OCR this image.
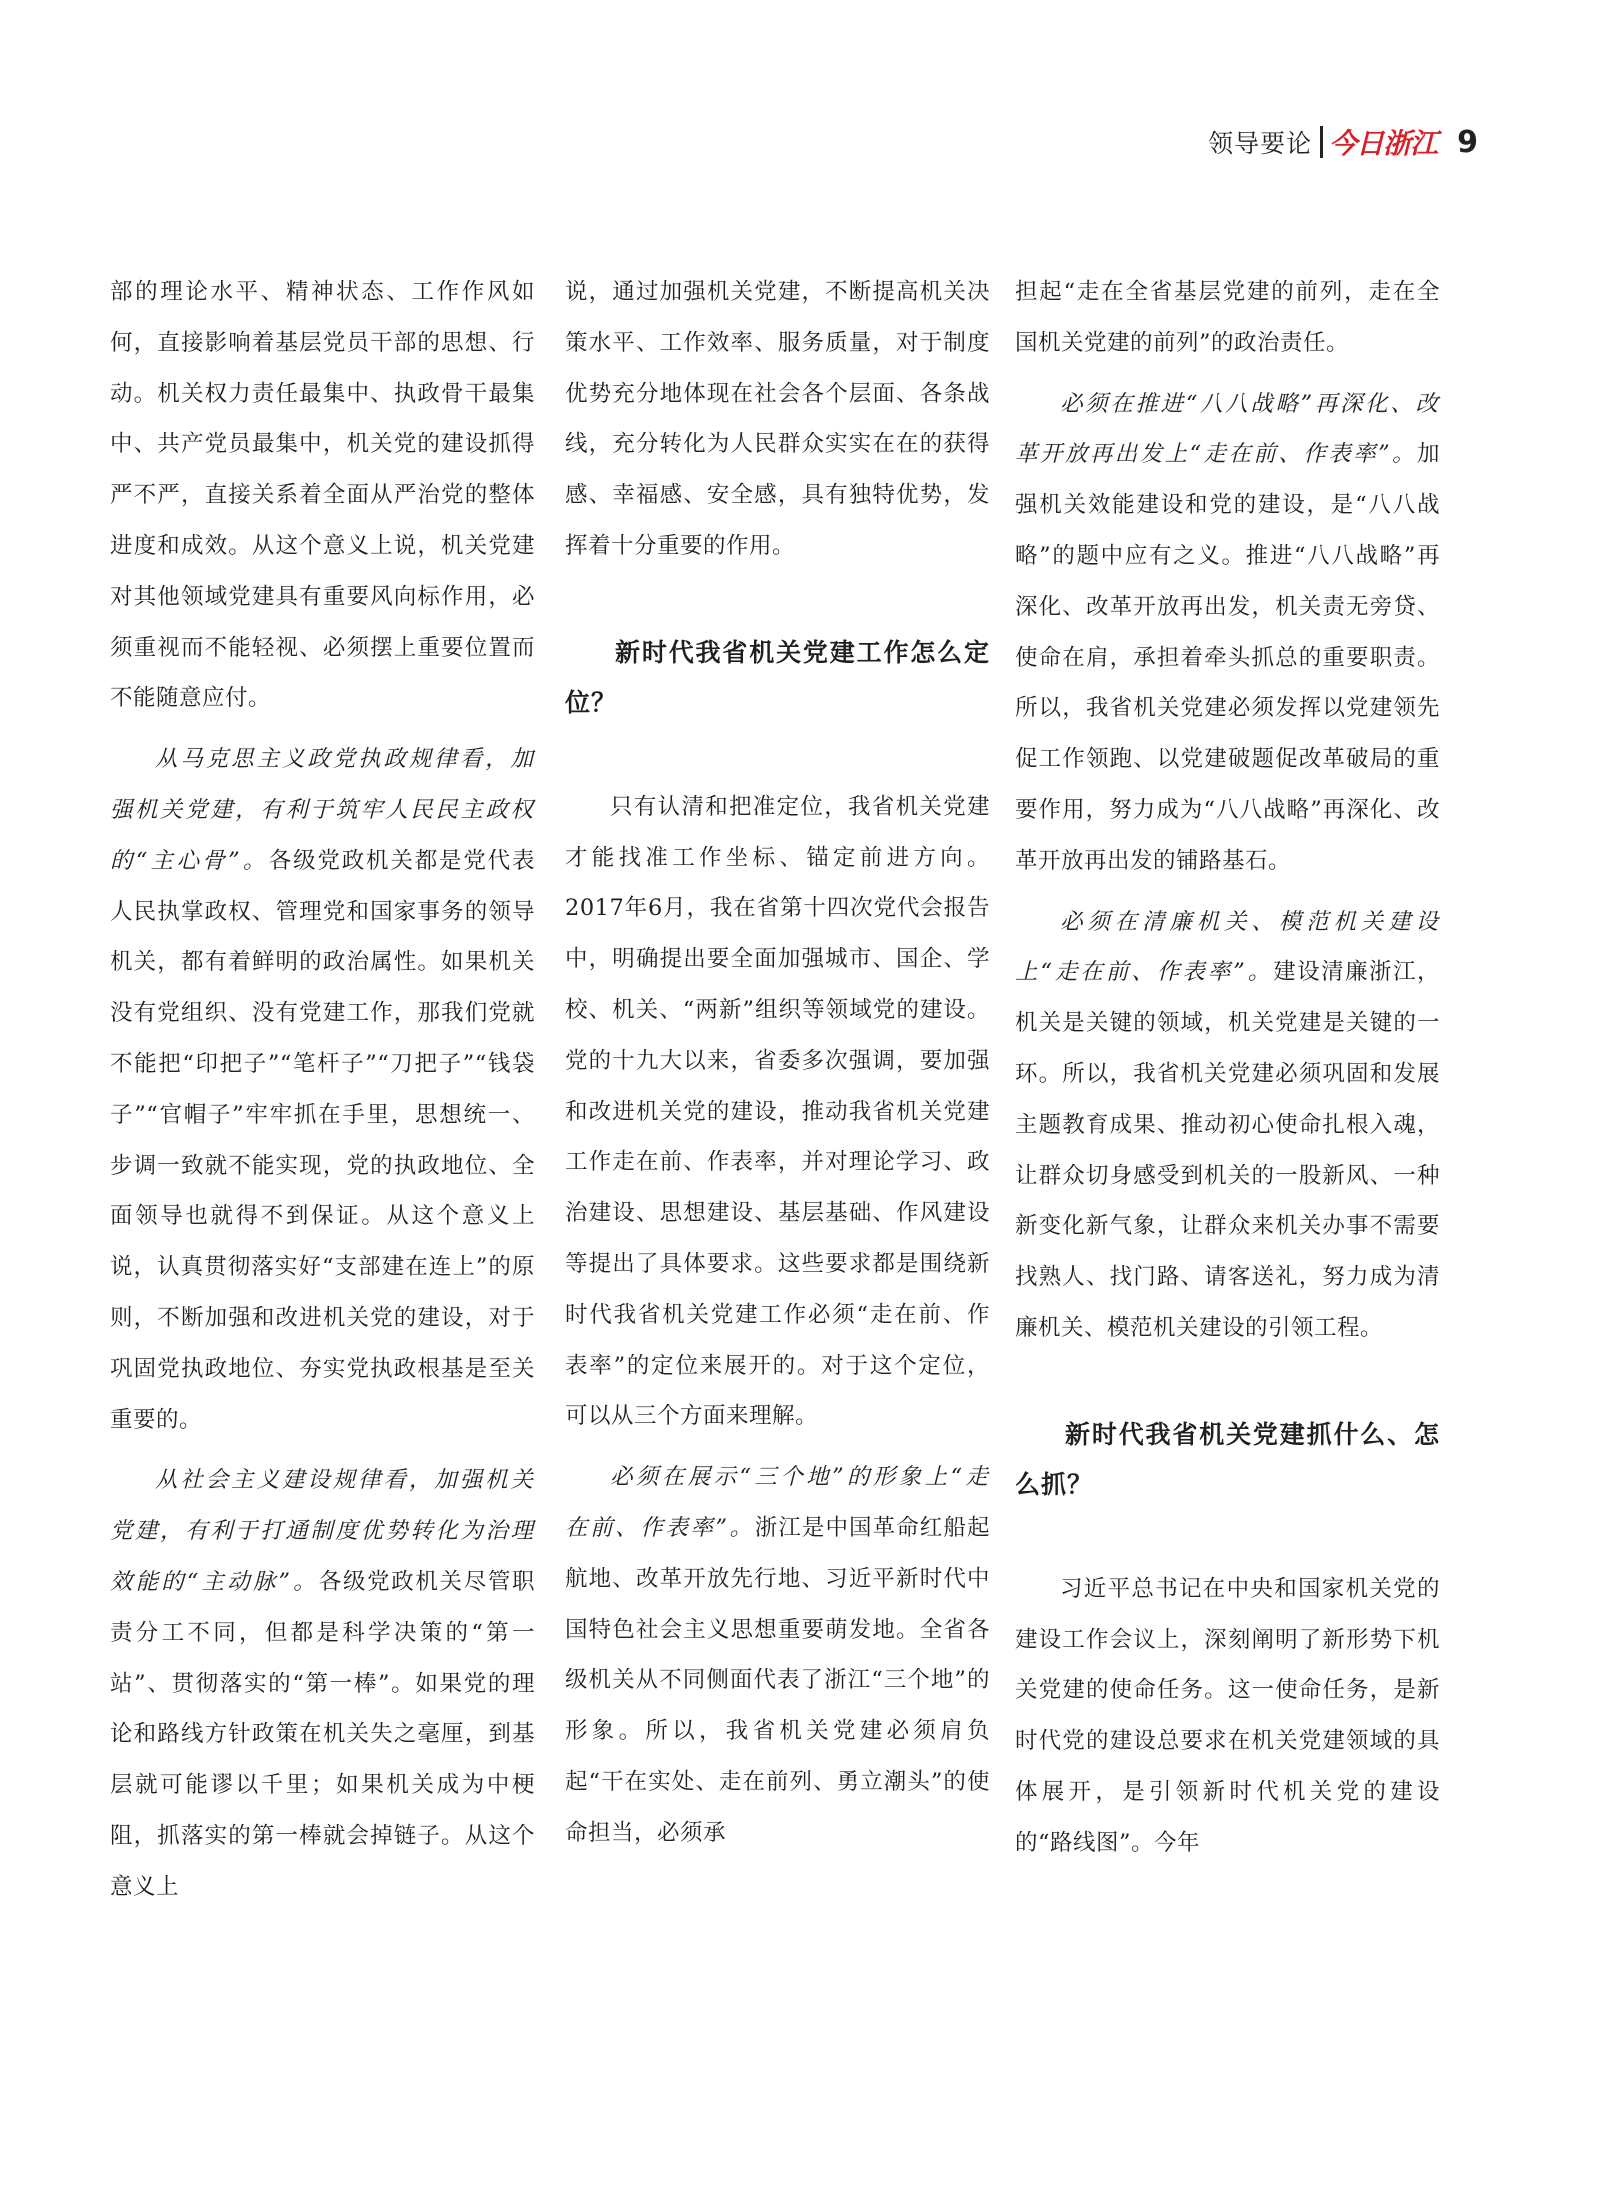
领导要论 今日浙江 9

部的理论水平、精神状态、工作作风如何，直接影响着基层党员干部的思想、行动。机关权力责任最集中、执政骨干最集中、共产党员最集中，机关党的建设抓得严不严，直接关系着全面从严治党的整体进度和成效。从这个意义上说，机关党建对其他领域党建具有重要风向标作用，必须重视而不能轻视、必须摆上重要位置而不能随意应付。

从马克思主义政党执政规律看，加强机关党建，有利于筑牢人民民主政权的“主心骨”。各级党政机关都是党代表人民执掌政权、管理党和国家事务的领导机关，都有着鲜明的政治属性。如果机关没有党组织、没有党建工作，那我们党就不能把“印把子”“笔杆子”“刀把子”“钱袋子”“官帽子”牢牢抓在手里，思想统一、步调一致就不能实现，党的执政地位、全面领导也就得不到保证。从这个意义上说，认真贯彻落实好“支部建在连上”的原则，不断加强和改进机关党的建设，对于巩固党执政地位、夯实党执政根基是至关重要的。

从社会主义建设规律看，加强机关党建，有利于打通制度优势转化为治理效能的“主动脉”。各级党政机关尽管职责分工不同，但都是科学决策的“第一站”、贯彻落实的“第一棒”。如果党的理论和路线方针政策在机关失之毫厘，到基层就可能谬以千里；如果机关成为中梗阻，抓落实的第一棒就会掉链子。从这个意义上

说，通过加强机关党建，不断提高机关决策水平、工作效率、服务质量，对于制度优势充分地体现在社会各个层面、各条战线，充分转化为人民群众实实在在的获得感、幸福感、安全感，具有独特优势，发挥着十分重要的作用。

新时代我省机关党建工作怎么定位？

只有认清和把准定位，我省机关党建才能找准工作坐标、锚定前进方向。2017年6月，我在省第十四次党代会报告中，明确提出要全面加强城市、国企、学校、机关、“两新”组织等领域党的建设。党的十九大以来，省委多次强调，要加强和改进机关党的建设，推动我省机关党建工作走在前、作表率，并对理论学习、政治建设、思想建设、基层基础、作风建设等提出了具体要求。这些要求都是围绕新时代我省机关党建工作必须“走在前、作表率”的定位来展开的。对于这个定位，可以从三个方面来理解。

必须在展示“三个地”的形象上“走在前、作表率”。浙江是中国革命红船起航地、改革开放先行地、习近平新时代中国特色社会主义思想重要萌发地。全省各级机关从不同侧面代表了浙江“三个地”的形象。所以，我省机关党建必须肩负起“干在实处、走在前列、勇立潮头”的使命担当，必须承

担起“走在全省基层党建的前列，走在全国机关党建的前列”的政治责任。

必须在推进“八八战略”再深化、改革开放再出发上“走在前、作表率”。加强机关效能建设和党的建设，是“八八战略”的题中应有之义。推进“八八战略”再深化、改革开放再出发，机关责无旁贷、使命在肩，承担着牵头抓总的重要职责。所以，我省机关党建必须发挥以党建领先促工作领跑、以党建破题促改革破局的重要作用，努力成为“八八战略”再深化、改革开放再出发的铺路基石。

必须在清廉机关、模范机关建设上“走在前、作表率”。建设清廉浙江，机关是关键的领域，机关党建是关键的一环。所以，我省机关党建必须巩固和发展主题教育成果、推动初心使命扎根入魂，让群众切身感受到机关的一股新风、一种新变化新气象，让群众来机关办事不需要找熟人、找门路、请客送礼，努力成为清廉机关、模范机关建设的引领工程。

新时代我省机关党建抓什么、怎么抓？

习近平总书记在中央和国家机关党的建设工作会议上，深刻阐明了新形势下机关党建的使命任务。这一使命任务，是新时代党的建设总要求在机关党建领域的具体展开，是引领新时代机关党的建设的“路线图”。今年
